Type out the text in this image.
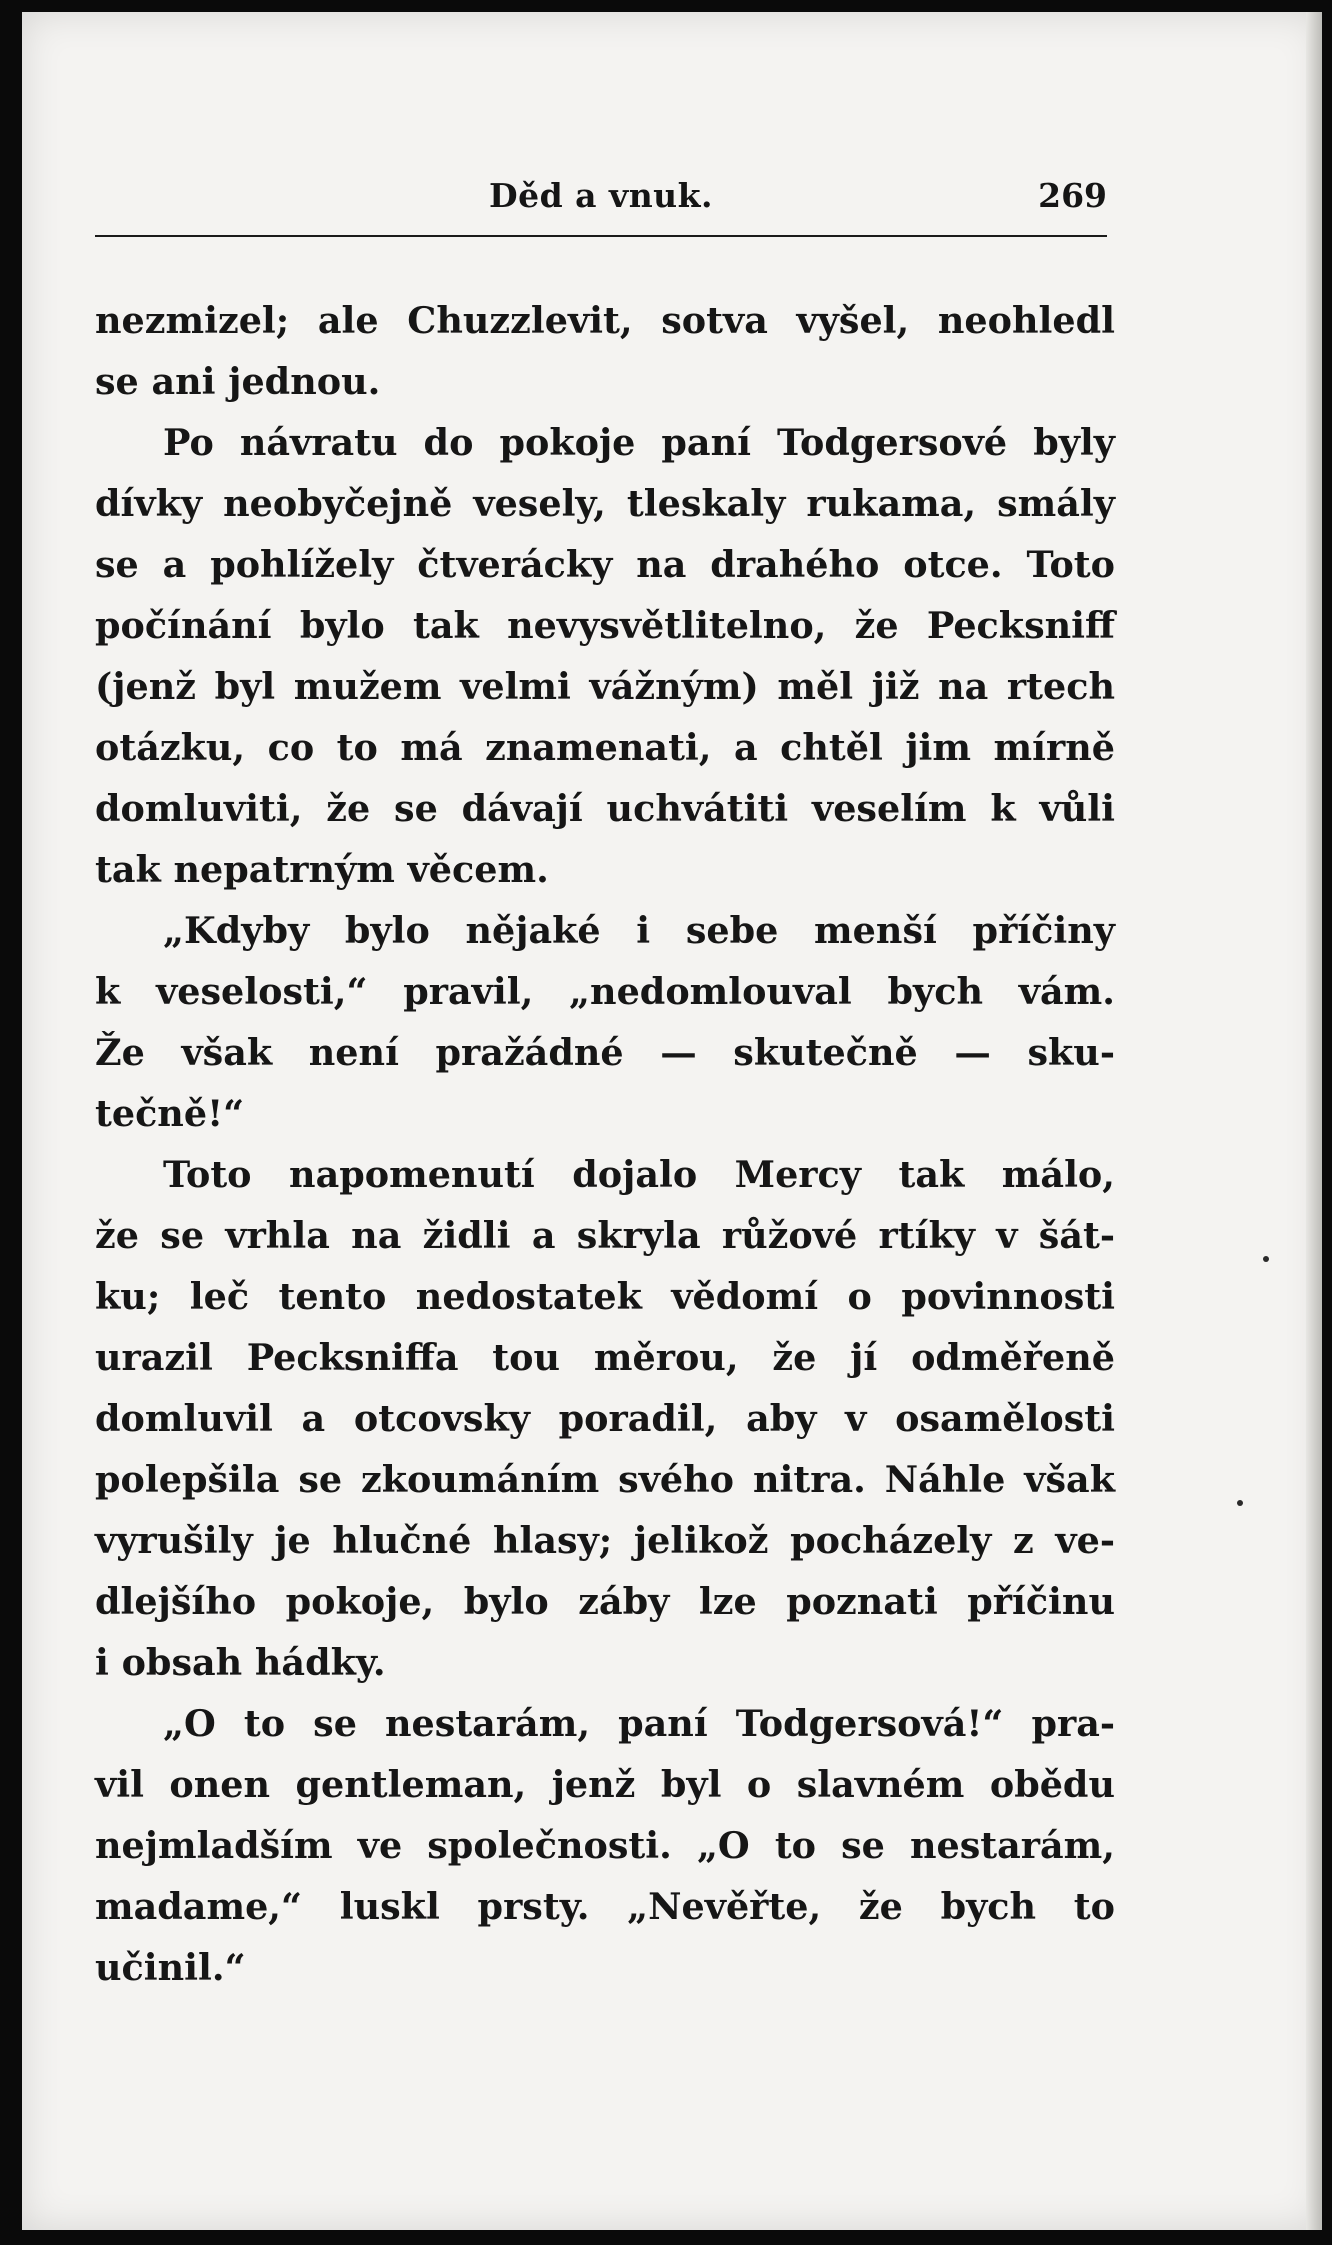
Děd a vnuk.	269
nezmizel; ale Chuzzlevit, sotva vyšel, neohledl
se ani jednou.
Po návratu do pokoje paní Todgersové byly
dívky neobyčejně vesely, tleskaly rukama, smály
se a pohlížely čtverácky na drahého otce. Toto
počínání bylo tak nevysvětlitelno, že Pecksniff
(jenž byl mužem velmi vážným) měl již na rtech
otázku, co to má znamenati, a chtěl jim mírně
domluviti, že se dávají uchvátiti veselím k vůli
tak nepatrným věcem.
„Kdyby bylo nějaké i sebe menší příčiny
k veselosti,“ pravil, „nedomlouval bych vám.
Že však není pražádné — skutečně — sku-
tečně!“
Toto napomenutí dojalo Mercy tak málo,
že se vrhla na židli a skryla růžové rtíky v šát-
ku; leč tento nedostatek vědomí o povinnosti
urazil Pecksniffa tou měrou, že jí odměřeně
domluvil a otcovsky poradil, aby v osamělosti
polepšila se zkoumáním svého nitra. Náhle však
vyrušily je hlučné hlasy; jelikož pocházely z ve-
dlejšího pokoje, bylo záby lze poznati příčinu
i obsah hádky.
„O to se nestarám, paní Todgersová!“ pra-
vil onen gentleman, jenž byl o slavném obědu
nejmladším ve společnosti. „O to se nestarám,
madame,“ luskl prsty. „Nevěřte, že bych to
učinil.“
